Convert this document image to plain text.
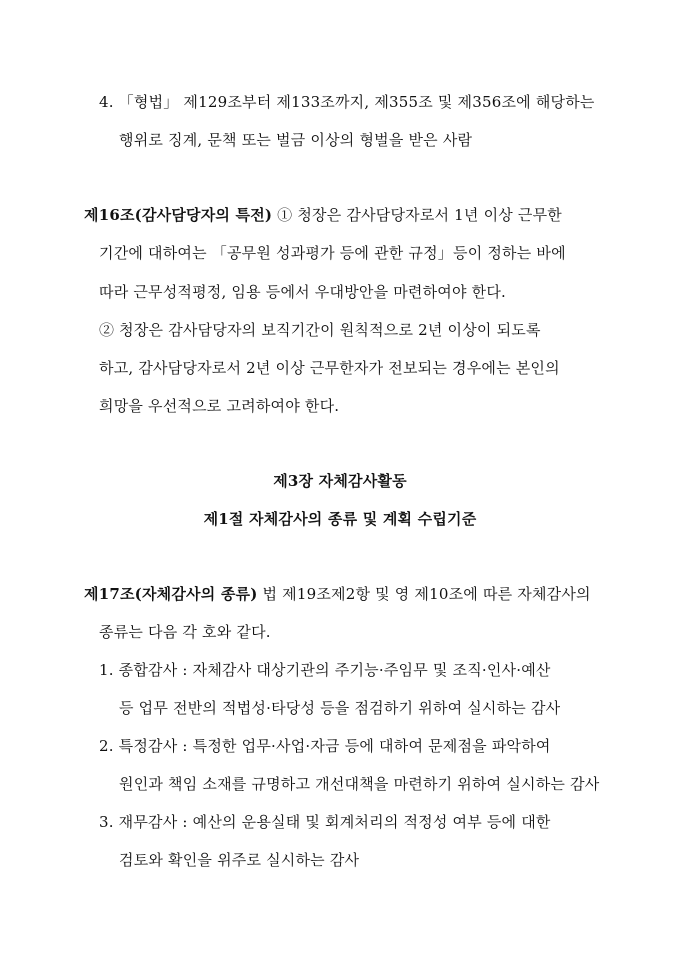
4. 「형법」 제129조부터 제133조까지, 제355조 및 제356조에 해당하는
행위로 징계, 문책 또는 벌금 이상의 형벌을 받은 사람
제16조(감사담당자의 특전) ① 청장은 감사담당자로서 1년 이상 근무한
기간에 대하여는 「공무원 성과평가 등에 관한 규정」등이 정하는 바에
따라 근무성적평정, 임용 등에서 우대방안을 마련하여야 한다.
② 청장은 감사담당자의 보직기간이 원칙적으로 2년 이상이 되도록
하고, 감사담당자로서 2년 이상 근무한자가 전보되는 경우에는 본인의
희망을 우선적으로 고려하여야 한다.
제3장 자체감사활동
제1절 자체감사의 종류 및 계획 수립기준
제17조(자체감사의 종류) 법 제19조제2항 및 영 제10조에 따른 자체감사의
종류는 다음 각 호와 같다.
1. 종합감사 : 자체감사 대상기관의 주기능·주임무 및 조직·인사·예산
등 업무 전반의 적법성·타당성 등을 점검하기 위하여 실시하는 감사
2. 특정감사 : 특정한 업무·사업·자금 등에 대하여 문제점을 파악하여
원인과 책임 소재를 규명하고 개선대책을 마련하기 위하여 실시하는 감사
3. 재무감사 : 예산의 운용실태 및 회계처리의 적정성 여부 등에 대한
검토와 확인을 위주로 실시하는 감사
